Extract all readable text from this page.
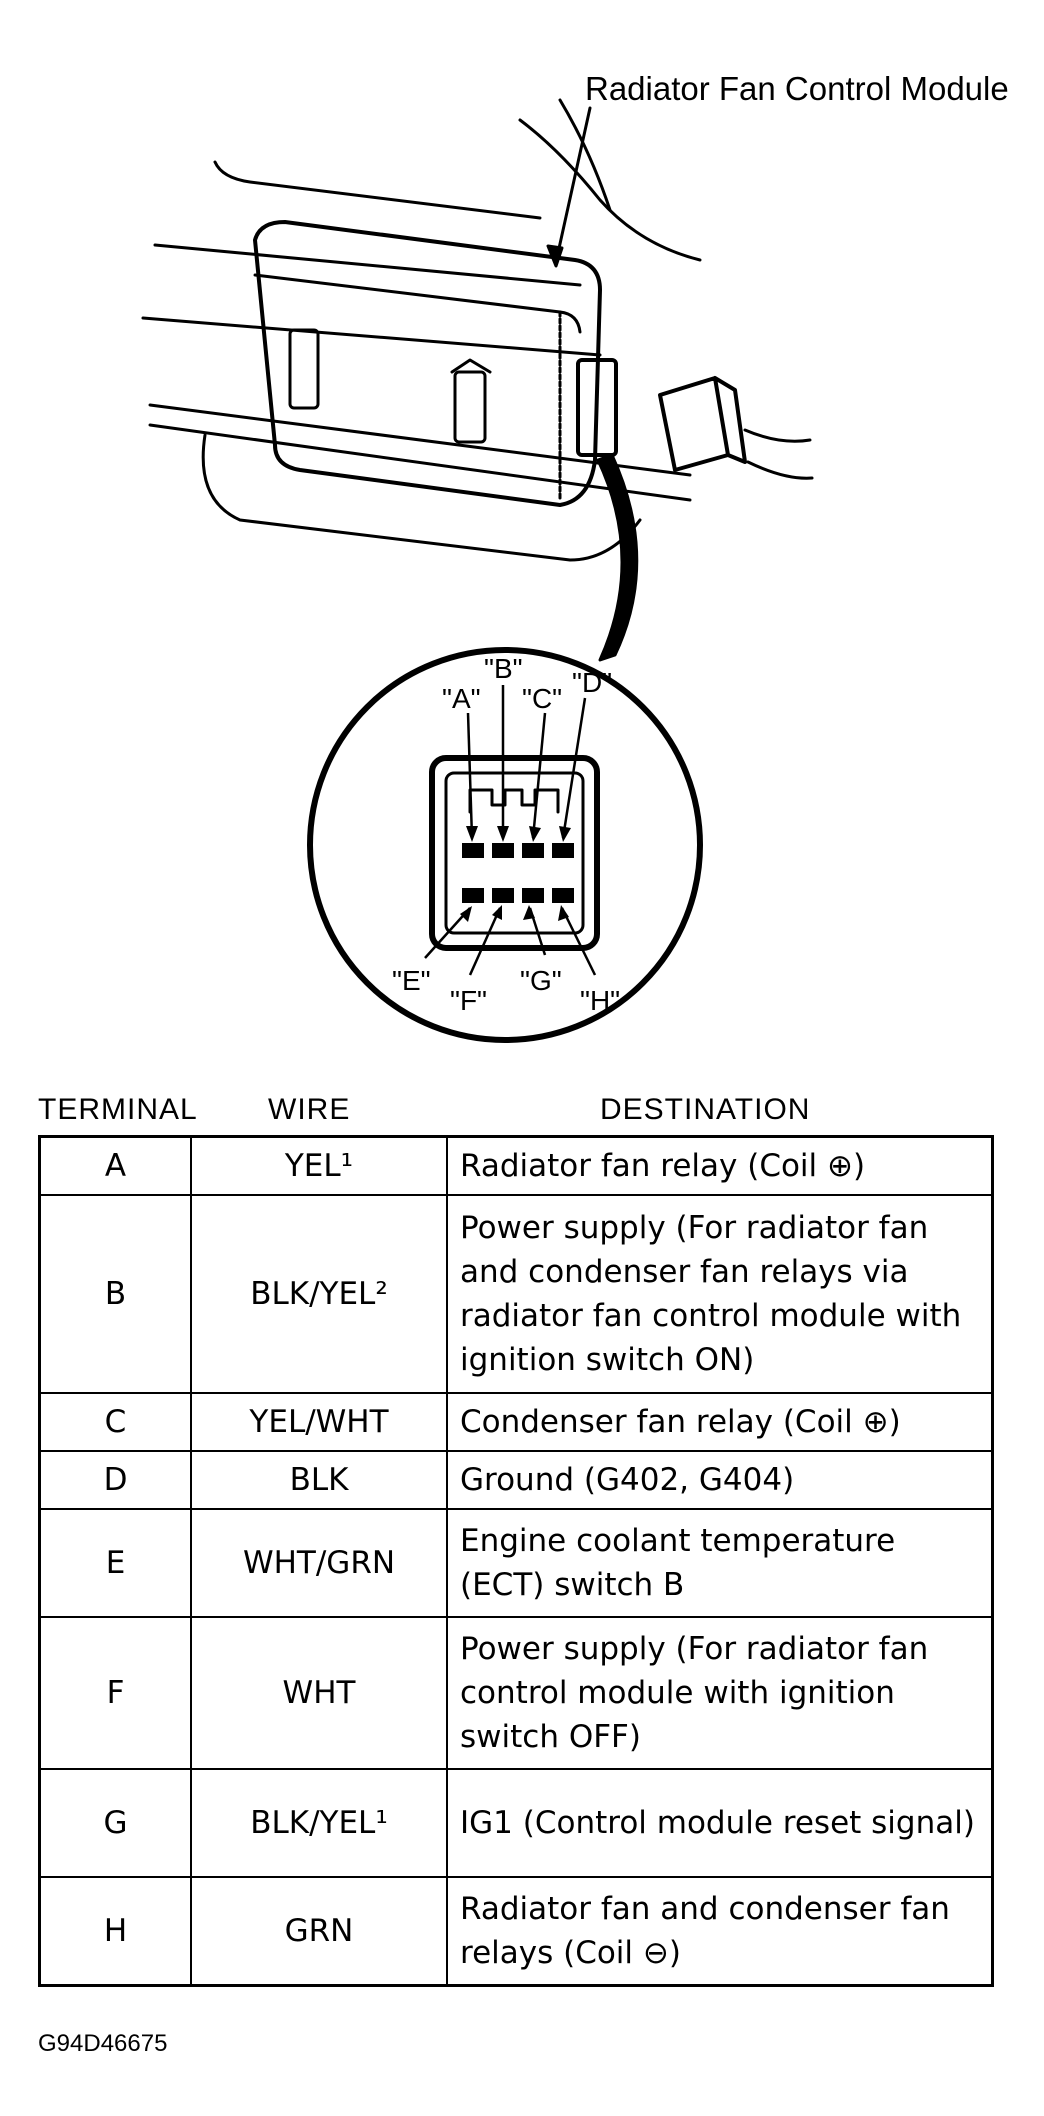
"A"
"B"
"C"
"D"
"E"
"F"
"G"
"H"
Radiator Fan Control Module
TERMINAL WIRE	DESTINATION
A	YEL¹	Radiator fan relay (Coil ⊕)
B	BLK/YEL²	Power supply (For radiator fan and condenser fan relays via radiator fan control module with ignition switch ON)
C	YEL/WHT	Condenser fan relay (Coil ⊕)
D	BLK	Ground (G402, G404)
E	WHT/GRN	Engine coolant temperature (ECT) switch B
F	WHT	Power supply (For radiator fan control module with ignition switch OFF)
G	BLK/YEL¹	IG1 (Control module reset signal)
H	GRN	Radiator fan and condenser fan relays (Coil ⊖)
G94D46675
